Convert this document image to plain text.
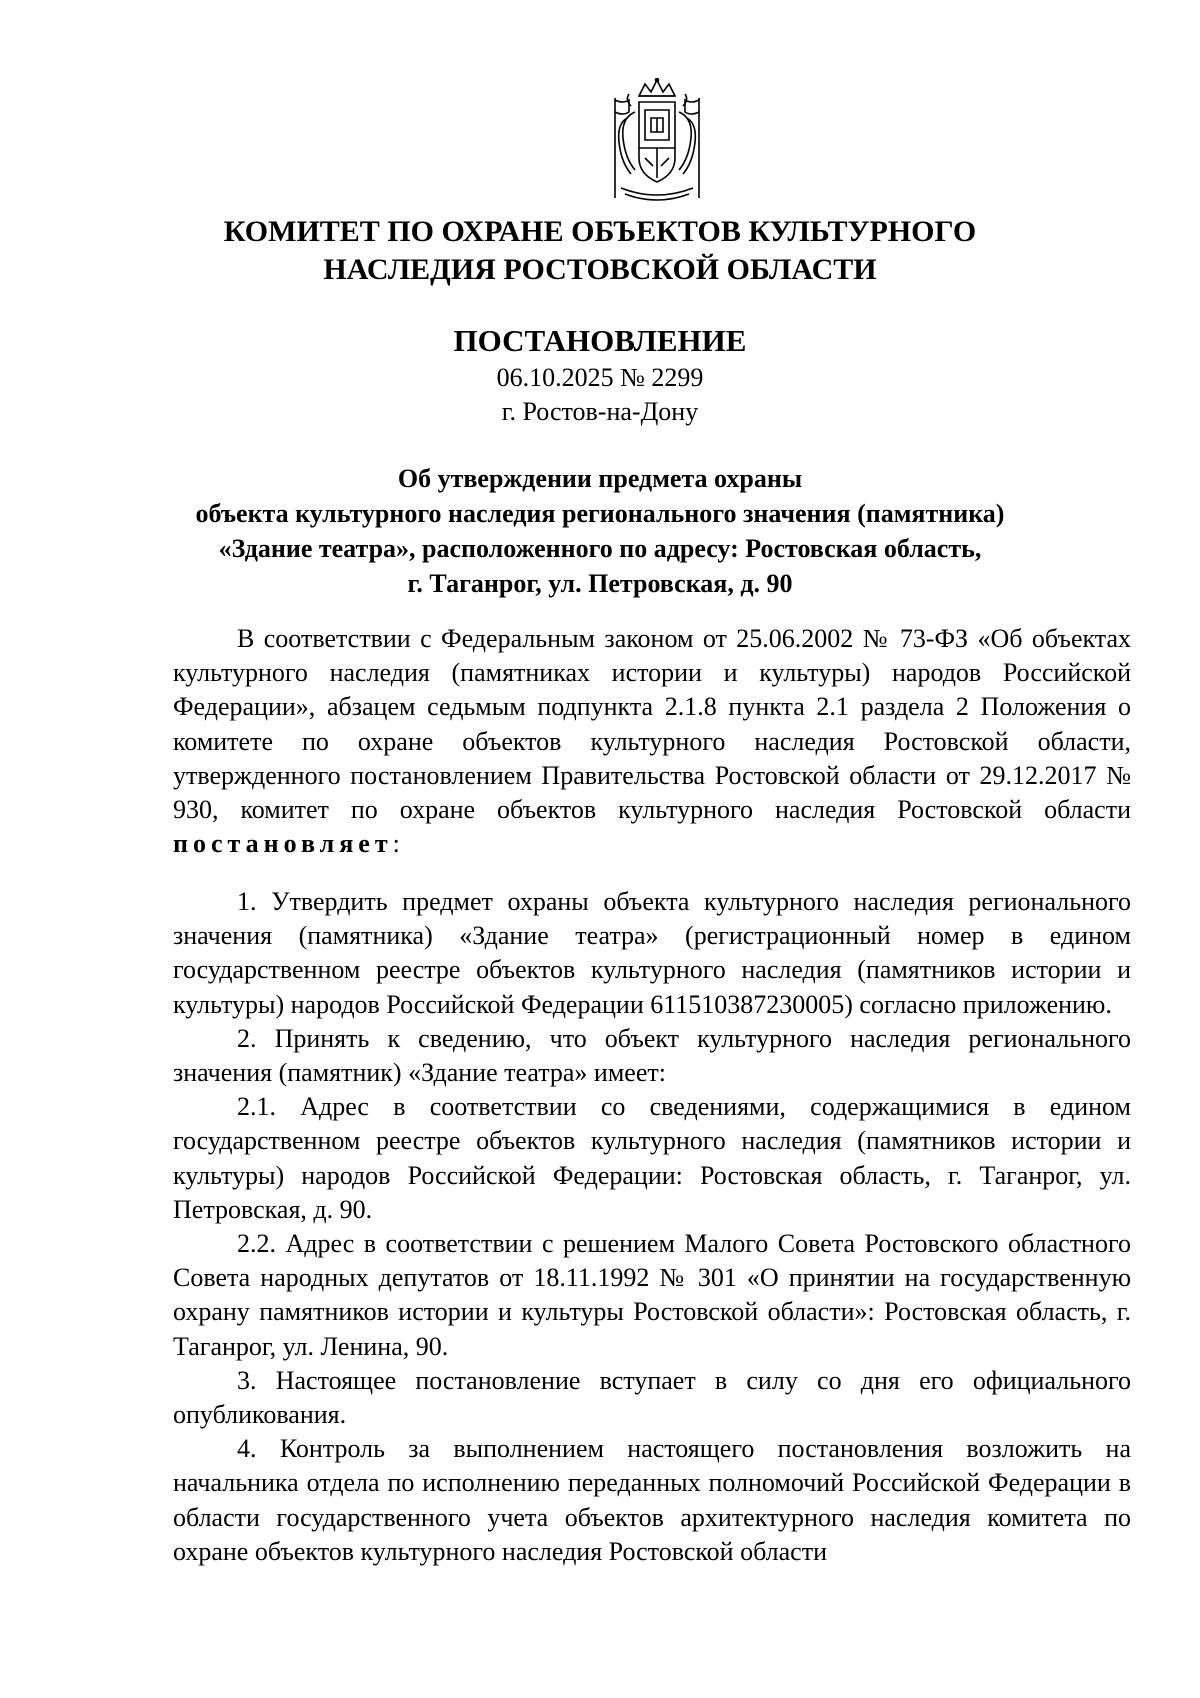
КОМИТЕТ ПО ОХРАНЕ ОБЪЕКТОВ КУЛЬТУРНОГО
НАСЛЕДИЯ РОСТОВСКОЙ ОБЛАСТИ
ПОСТАНОВЛЕНИЕ
06.10.2025 № 2299
г. Ростов-на-Дону
Об утверждении предмета охраны
объекта культурного наследия регионального значения (памятника)
«Здание театра», расположенного по адресу: Ростовская область,
г. Таганрог, ул. Петровская, д. 90

В соответствии с Федеральным законом от 25.06.2002 № 73-ФЗ «Об объектах культурного наследия (памятниках истории и культуры) народов Российской Федерации», абзацем седьмым подпункта 2.1.8 пункта 2.1 раздела 2 Положения о комитете по охране объектов культурного наследия Ростовской области, утвержденного постановлением Правительства Ростовской области от 29.12.2017 № 930, комитет по охране объектов культурного наследия Ростовской области постановляет:

1. Утвердить предмет охраны объекта культурного наследия регионального значения (памятника) «Здание театра» (регистрационный номер в едином государственном реестре объектов культурного наследия (памятников истории и культуры) народов Российской Федерации 611510387230005) согласно приложению.

2. Принять к сведению, что объект культурного наследия регионального значения (памятник) «Здание театра» имеет:

2.1. Адрес в соответствии со сведениями, содержащимися в едином государственном реестре объектов культурного наследия (памятников истории и культуры) народов Российской Федерации: Ростовская область, г. Таганрог, ул. Петровская, д. 90.

2.2. Адрес в соответствии с решением Малого Совета Ростовского областного Совета народных депутатов от 18.11.1992 № 301 «О принятии на государственную охрану памятников истории и культуры Ростовской области»: Ростовская область, г. Таганрог, ул. Ленина, 90.

3. Настоящее постановление вступает в силу со дня его официального опубликования.

4. Контроль за выполнением настоящего постановления возложить на начальника отдела по исполнению переданных полномочий Российской Федерации в области государственного учета объектов архитектурного наследия комитета по охране объектов культурного наследия Ростовской области
